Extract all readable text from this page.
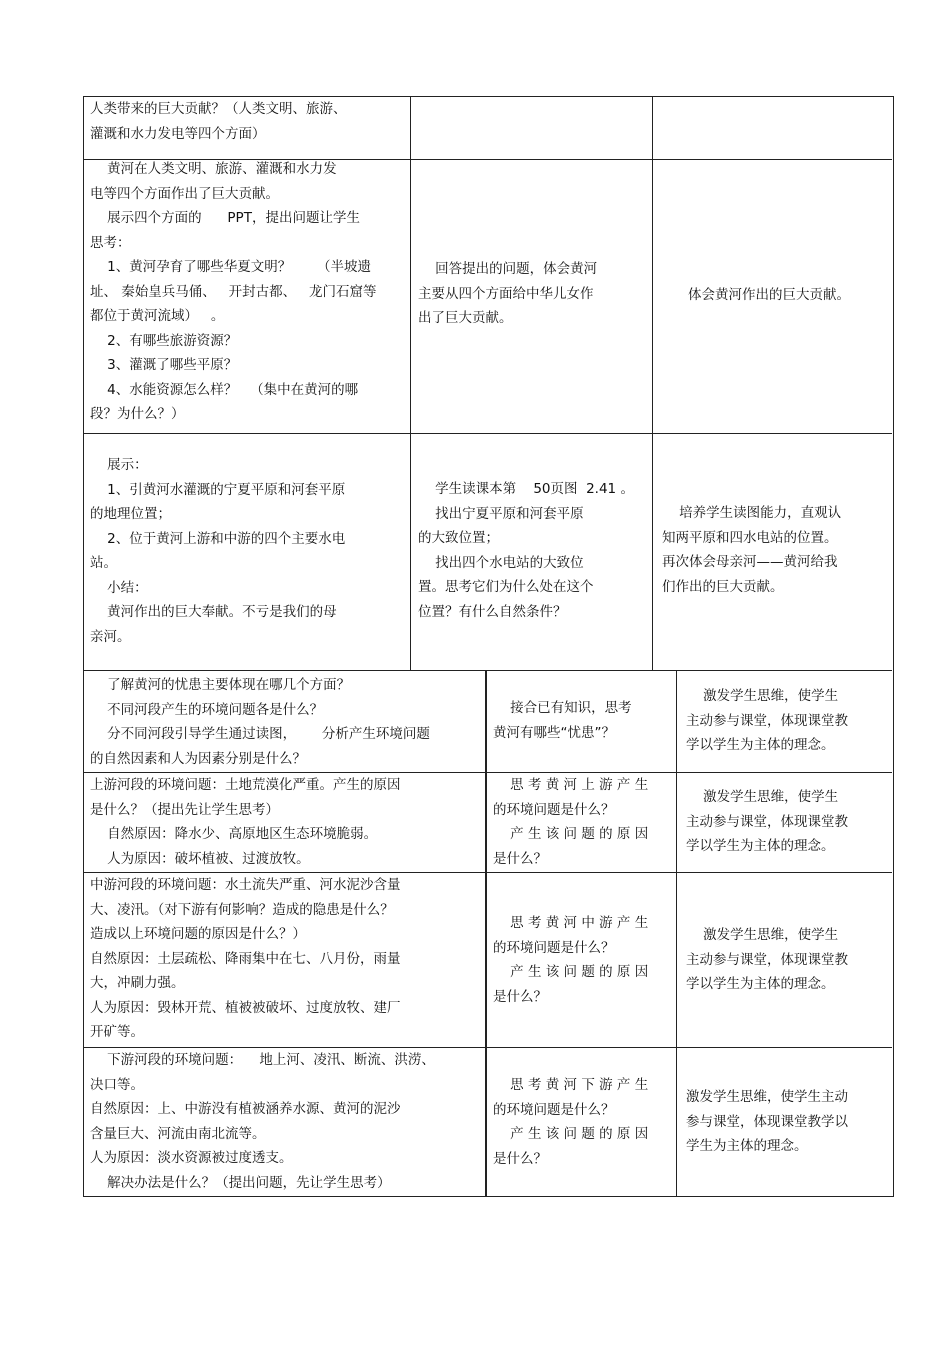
人类带来的巨大贡献？（人类文明、旅游、
灌溉和水力发电等四个方面）
黄河在人类文明、旅游、灌溉和水力发
电等四个方面作出了巨大贡献。
展示四个方面的      PPT，提出问题让学生
思考：
1、黄河孕育了哪些华夏文明？      （半坡遗
址、 秦始皇兵马俑、   开封古都、   龙门石窟等
都位于黄河流域）   。
2、有哪些旅游资源？
3、灌溉了哪些平原？
4、水能资源怎么样？   （集中在黄河的哪
段？为什么？）
回答提出的问题，体会黄河
主要从四个方面给中华儿女作
出了巨大贡献。
体会黄河作出的巨大贡献。
展示：
1、引黄河水灌溉的宁夏平原和河套平原
的地理位置；
2、位于黄河上游和中游的四个主要水电
站。
小结：
黄河作出的巨大奉献。不亏是我们的母
亲河。
学生读课本第    50页图  2.41 。
找出宁夏平原和河套平原
的大致位置；
找出四个水电站的大致位
置。思考它们为什么处在这个
位置？有什么自然条件？
培养学生读图能力，直观认
知两平原和四水电站的位置。
再次体会母亲河——黄河给我
们作出的巨大贡献。
了解黄河的忧患主要体现在哪几个方面？
不同河段产生的环境问题各是什么？
分不同河段引导学生通过读图，      分析产生环境问题
的自然因素和人为因素分别是什么？
接合已有知识，思考
黄河有哪些“忧患”？
激发学生思维，使学生
主动参与课堂，体现课堂教
学以学生为主体的理念。
上游河段的环境问题：土地荒漠化严重。产生的原因
是什么？（提出先让学生思考）
自然原因：降水少、高原地区生态环境脆弱。
人为原因：破坏植被、过渡放牧。
思 考 黄 河 上 游 产 生
的环境问题是什么？
产 生 该 问 题 的 原 因
是什么？
激发学生思维，使学生
主动参与课堂，体现课堂教
学以学生为主体的理念。
中游河段的环境问题：水土流失严重、河水泥沙含量
大、凌汛。（对下游有何影响？造成的隐患是什么？
造成以上环境问题的原因是什么？）
自然原因：土层疏松、降雨集中在七、八月份，雨量
大，冲刷力强。
人为原因：毁林开荒、植被被破坏、过度放牧、建厂
开矿等。
思 考 黄 河 中 游 产 生
的环境问题是什么？
产 生 该 问 题 的 原 因
是什么？
激发学生思维，使学生
主动参与课堂，体现课堂教
学以学生为主体的理念。
下游河段的环境问题：    地上河、凌汛、断流、洪涝、
决口等。
自然原因：上、中游没有植被涵养水源、黄河的泥沙
含量巨大、河流由南北流等。
人为原因：淡水资源被过度透支。
解决办法是什么？（提出问题，先让学生思考）
思 考 黄 河 下 游 产 生
的环境问题是什么？
产 生 该 问 题 的 原 因
是什么？
激发学生思维，使学生主动
参与课堂，体现课堂教学以
学生为主体的理念。
